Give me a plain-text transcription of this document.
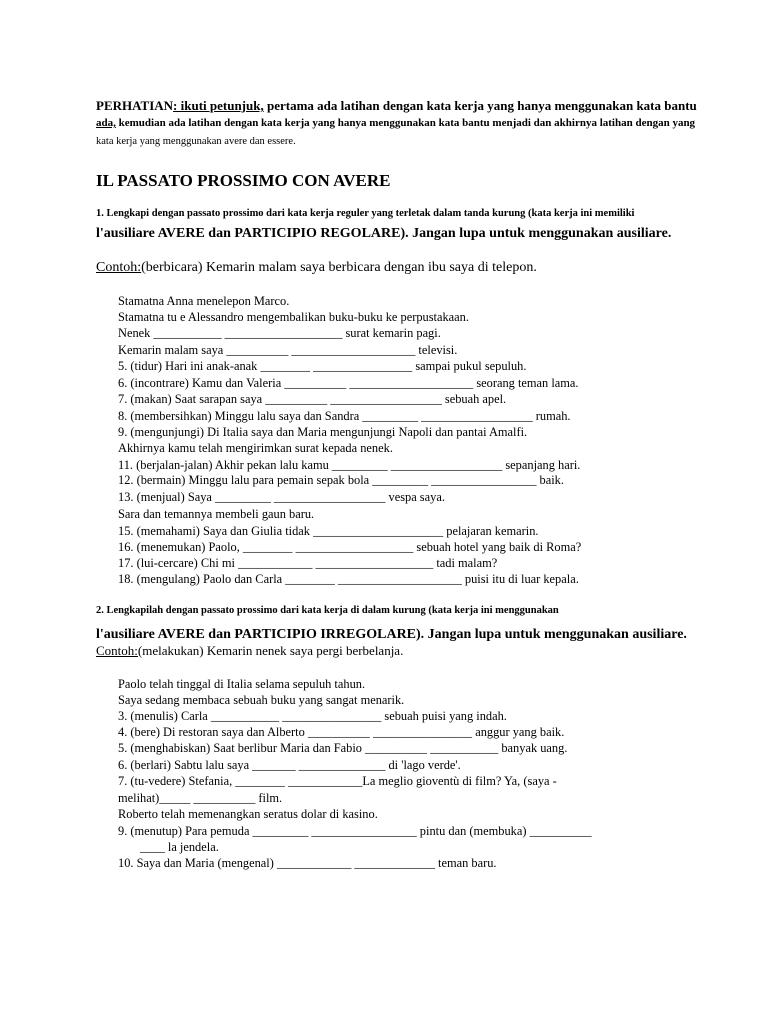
PERHATIAN: ikuti petunjuk, pertama ada latihan dengan kata kerja yang hanya menggunakan kata bantu
ada, kemudian ada latihan dengan kata kerja yang hanya menggunakan kata bantu menjadi dan akhirnya latihan dengan yang
kata kerja yang menggunakan avere dan essere.
IL PASSATO PROSSIMO CON AVERE
1. Lengkapi dengan passato prossimo dari kata kerja reguler yang terletak dalam tanda kurung (kata kerja ini memiliki
l'ausiliare AVERE dan PARTICIPIO REGOLARE). Jangan lupa untuk menggunakan ausiliare.
Contoh:(berbicara) Kemarin malam saya berbicara dengan ibu saya di telepon.
Stamatna Anna menelepon Marco.
Stamatna tu e Alessandro mengembalikan buku-buku ke perpustakaan.
Nenek ___________ ___________________ surat kemarin pagi.
Kemarin malam saya __________ ____________________ televisi.
5. (tidur) Hari ini anak-anak ________ ________________ sampai pukul sepuluh.
6. (incontrare) Kamu dan Valeria __________ ____________________ seorang teman lama.
7. (makan) Saat sarapan saya __________ __________________ sebuah apel.
8. (membersihkan) Minggu lalu saya dan Sandra _________ __________________ rumah.
9. (mengunjungi) Di Italia saya dan Maria mengunjungi Napoli dan pantai Amalfi.
Akhirnya kamu telah mengirimkan surat kepada nenek.
11. (berjalan-jalan) Akhir pekan lalu kamu _________ __________________ sepanjang hari.
12. (bermain) Minggu lalu para pemain sepak bola _________ _________________ baik.
13. (menjual) Saya _________ __________________ vespa saya.
Sara dan temannya membeli gaun baru.
15. (memahami) Saya dan Giulia tidak _____________________ pelajaran kemarin.
16. (menemukan) Paolo, ________ ___________________ sebuah hotel yang baik di Roma?
17. (lui-cercare) Chi mi ____________ ___________________ tadi malam?
18. (mengulang) Paolo dan Carla ________ ____________________ puisi itu di luar kepala.
2. Lengkapilah dengan passato prossimo dari kata kerja di dalam kurung (kata kerja ini menggunakan
l'ausiliare AVERE dan PARTICIPIO IRREGOLARE). Jangan lupa untuk menggunakan ausiliare.
Contoh:(melakukan) Kemarin nenek saya pergi berbelanja.
Paolo telah tinggal di Italia selama sepuluh tahun.
Saya sedang membaca sebuah buku yang sangat menarik.
3. (menulis) Carla ___________ ________________ sebuah puisi yang indah.
4. (bere) Di restoran saya dan Alberto __________ ________________ anggur yang baik.
5. (menghabiskan) Saat berlibur Maria dan Fabio __________ ___________ banyak uang.
6. (berlari) Sabtu lalu saya _______ ______________ di 'lago verde'.
7. (tu-vedere) Stefania, ________ ____________La meglio gioventù di film? Ya, (saya -
melihat)_____ __________ film.
Roberto telah memenangkan seratus dolar di kasino.
9. (menutup) Para pemuda _________ _________________ pintu dan (membuka) __________
____ la jendela.
10. Saya dan Maria (mengenal) ____________ _____________ teman baru.
